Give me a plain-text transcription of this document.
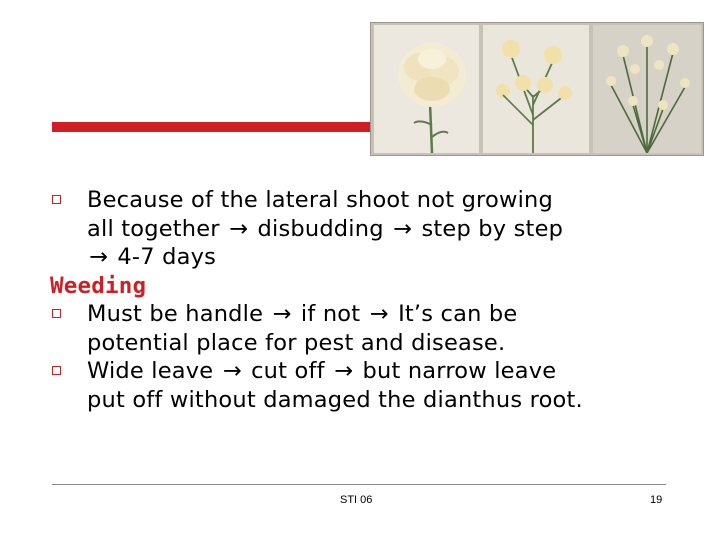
Because of the lateral shoot not growing
all together → disbudding → step by step
→ 4-7 days
Weeding
Must be handle → if not → It’s can be
potential place for pest and disease.
Wide leave → cut off → but narrow leave
put off without damaged the dianthus root.
STI 06	19
